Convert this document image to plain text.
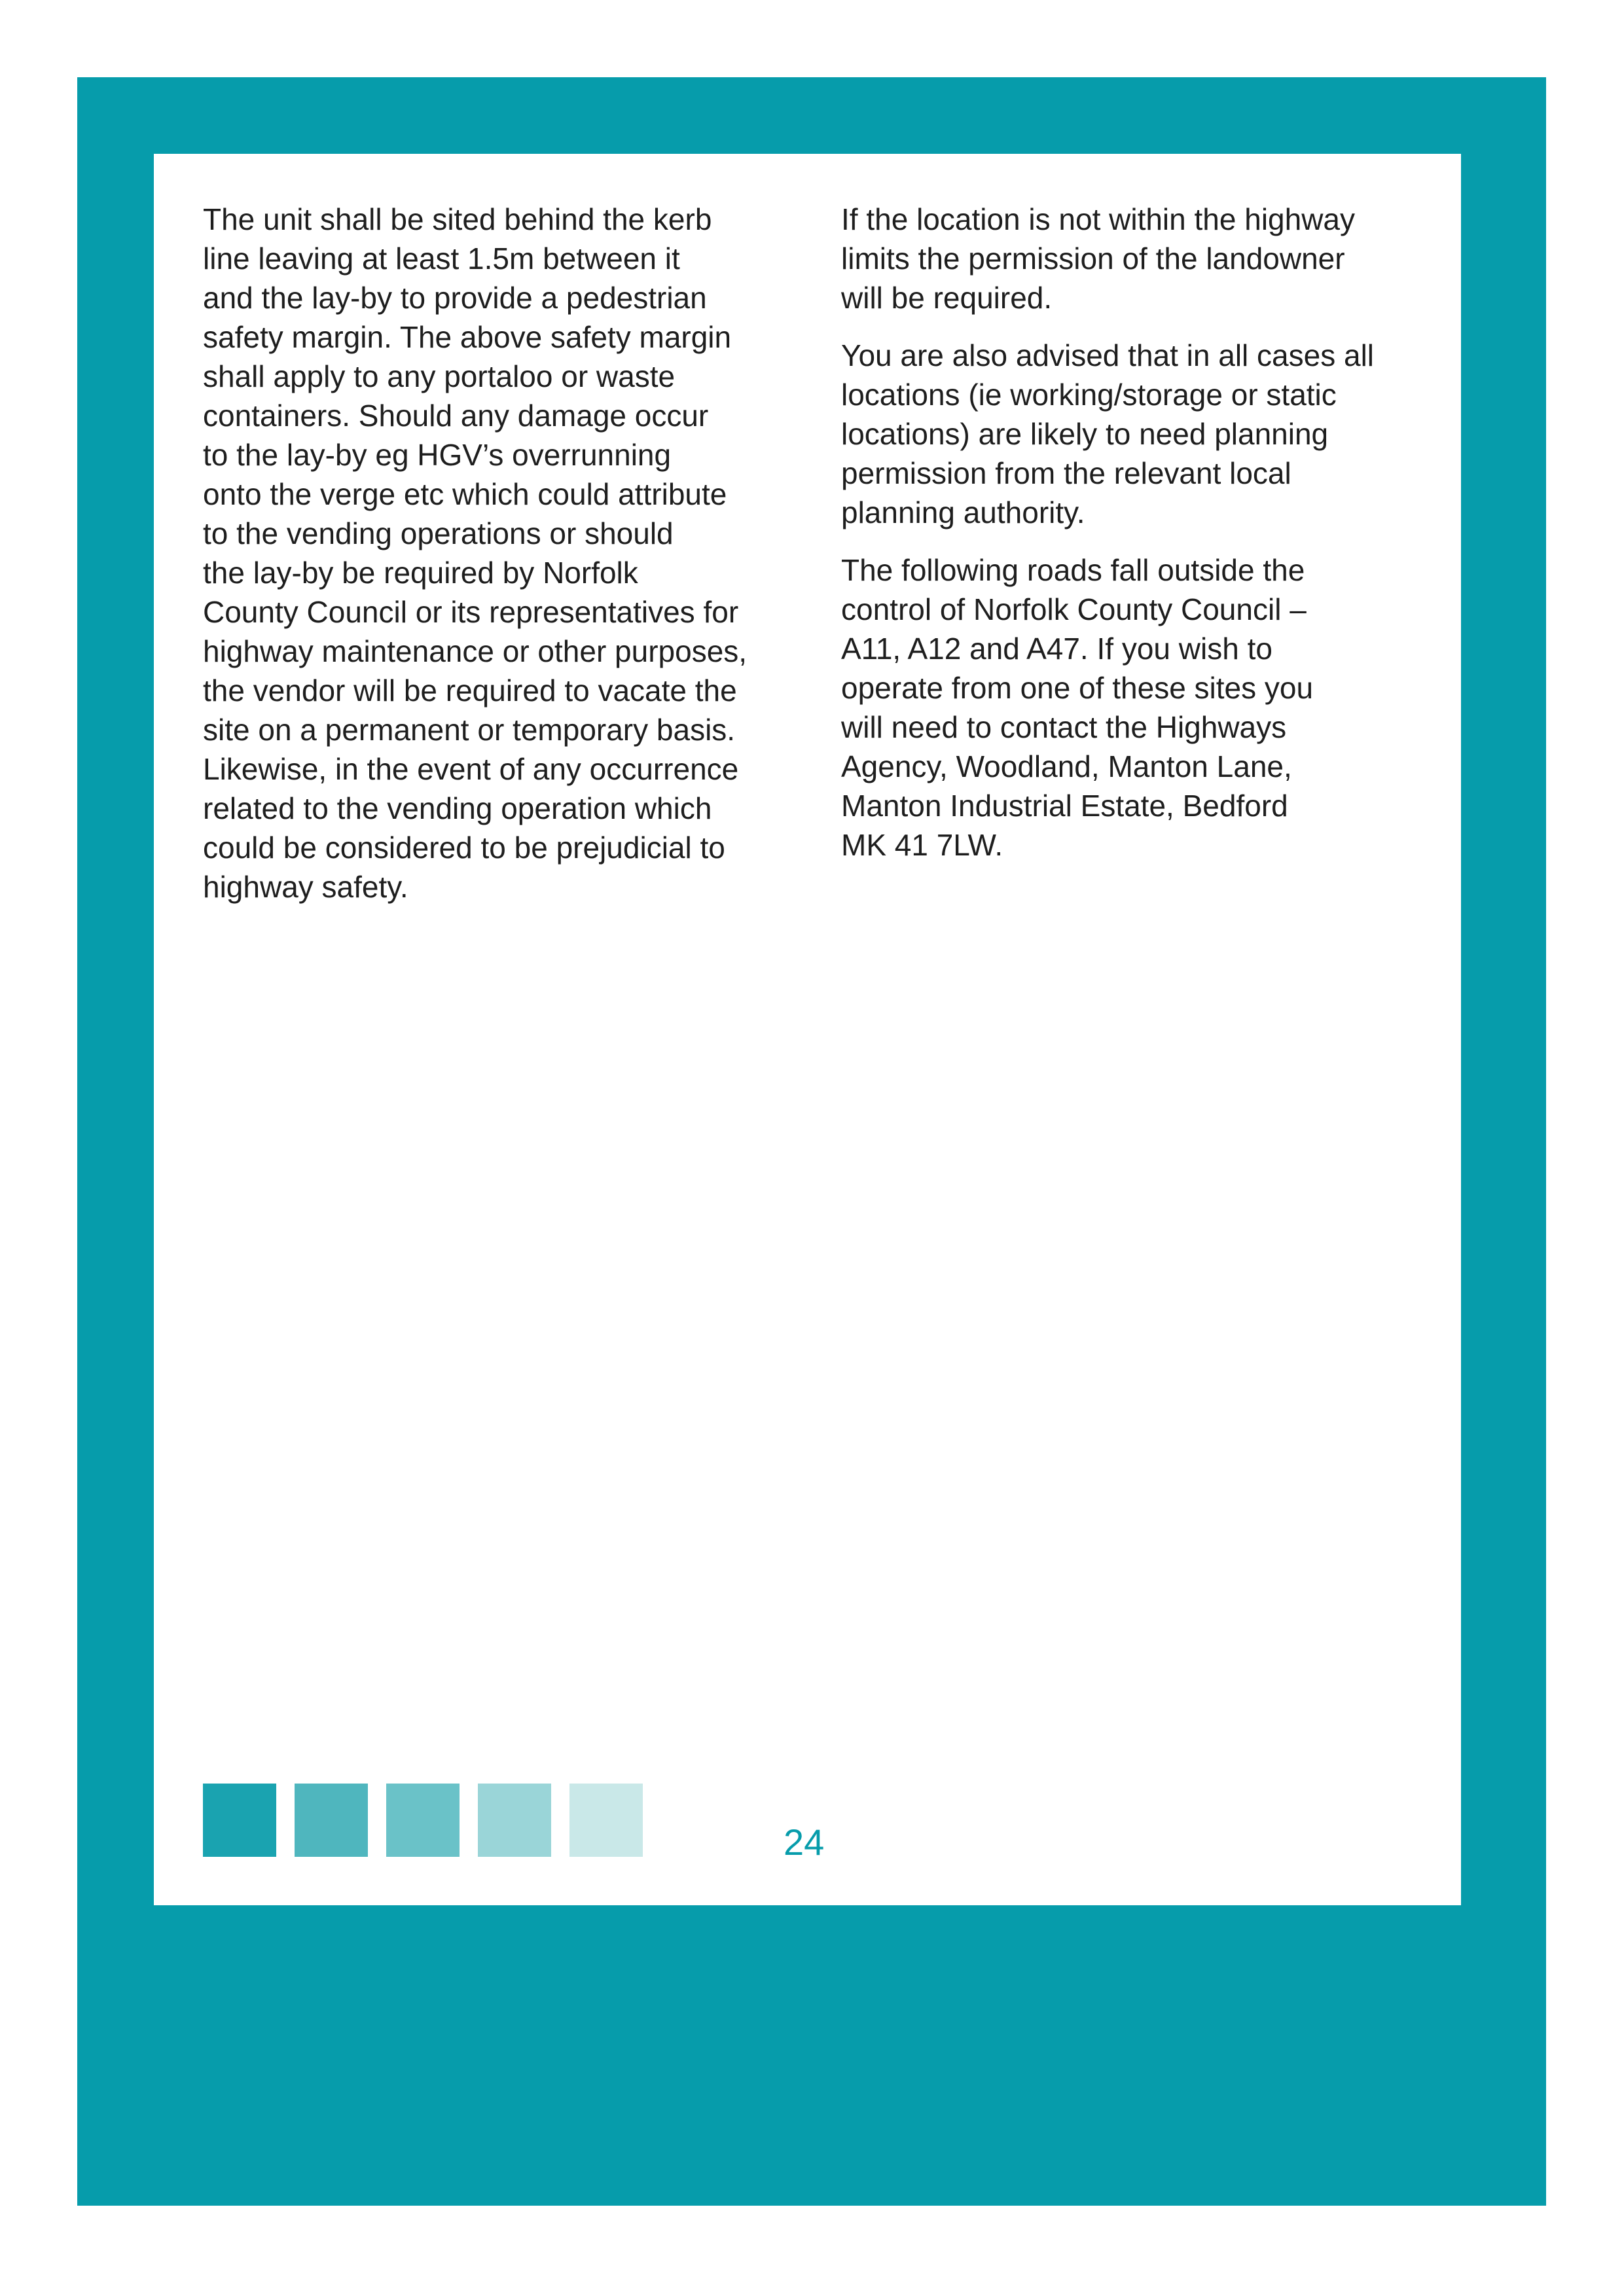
The unit shall be sited behind the kerb
line leaving at least 1.5m between it
and the lay-by to provide a pedestrian
safety margin. The above safety margin
shall apply to any portaloo or waste
containers. Should any damage occur
to the lay-by eg HGV’s overrunning
onto the verge etc which could attribute
to the vending operations or should
the lay-by be required by Norfolk
County Council or its representatives for
highway maintenance or other purposes,
the vendor will be required to vacate the
site on a permanent or temporary basis.
Likewise, in the event of any occurrence
related to the vending operation which
could be considered to be prejudicial to
highway safety.

If the location is not within the highway
limits the permission of the landowner
will be required.

You are also advised that in all cases all
locations (ie working/storage or static
locations) are likely to need planning
permission from the relevant local
planning authority.

The following roads fall outside the
control of Norfolk County Council –
A11, A12 and A47. If you wish to
operate from one of these sites you
will need to contact the Highways
Agency, Woodland, Manton Lane,
Manton Industrial Estate, Bedford
MK 41 7LW.

24
